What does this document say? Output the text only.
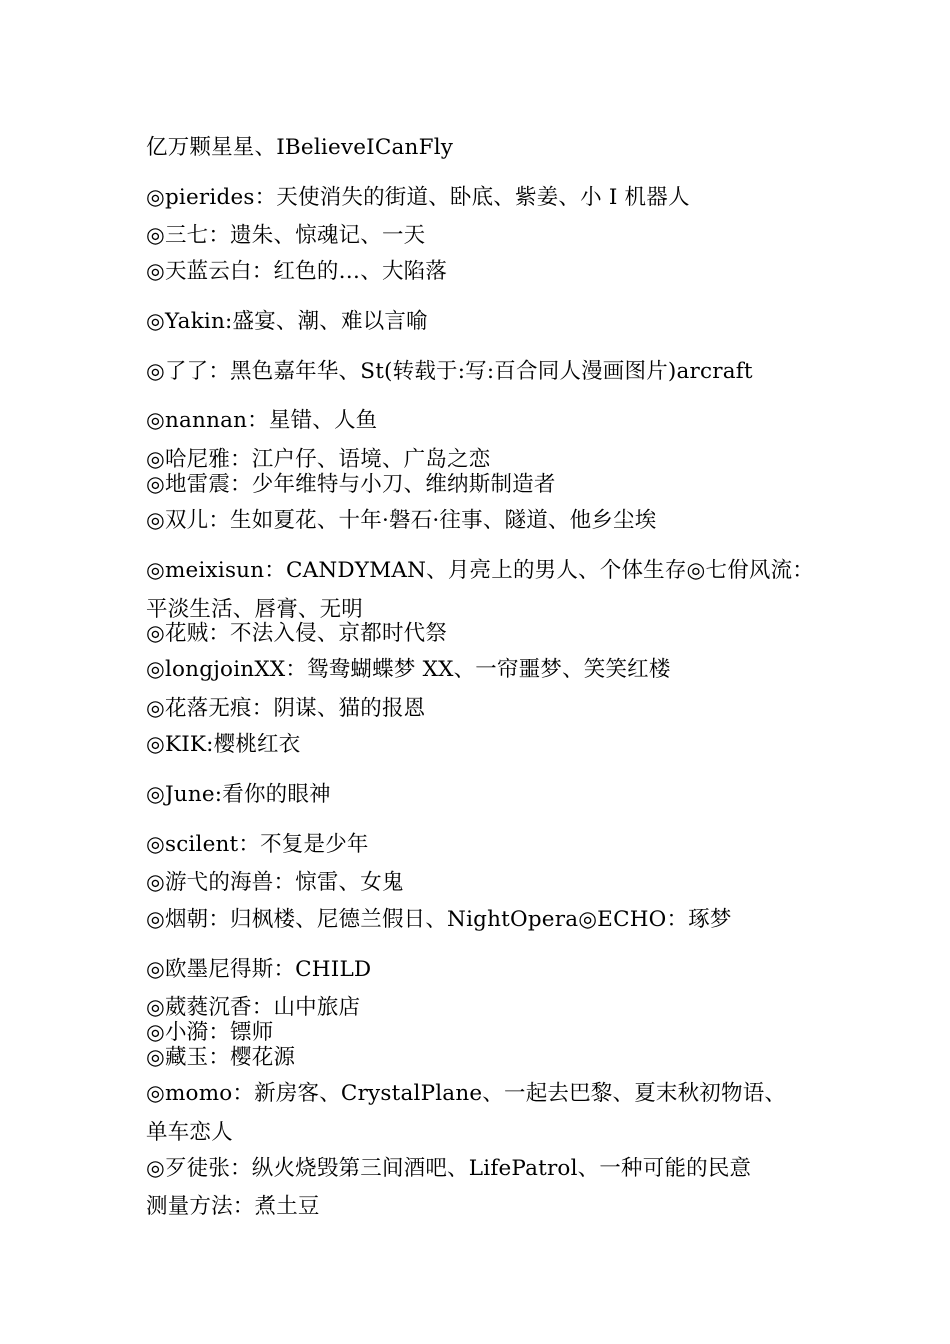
亿万颗星星、IBelieveICanFly
◎pierides：天使消失的街道、卧底、紫姜、小 I 机器人
◎三七：遗朱、惊魂记、一天
◎天蓝云白：红色的…、大陷落
◎Yakin:盛宴、潮、难以言喻
◎了了：黑色嘉年华、St(转载于:写:百合同人漫画图片)arcraft
◎nannan：星错、人鱼
◎哈尼雅：江户仔、语境、广岛之恋
◎地雷震：少年维特与小刀、维纳斯制造者
◎双儿：生如夏花、十年·磐石·往事、隧道、他乡尘埃
◎meixisun：CANDYMAN、月亮上的男人、个体生存◎七佾风流：
平淡生活、唇膏、无明
◎花贼：不法入侵、京都时代祭
◎longjoinXX：鸳鸯蝴蝶梦 XX、一帘噩梦、笑笑红楼
◎花落无痕：阴谋、猫的报恩
◎KIK:樱桃红衣
◎June:看你的眼神
◎scilent：不复是少年
◎游弋的海兽：惊雷、女鬼
◎烟朝：归枫楼、尼德兰假日、NightOpera◎ECHO：琢梦
◎欧墨尼得斯：CHILD
◎葳蕤沉香：山中旅店
◎小漪：镖师
◎藏玉：樱花源
◎momo：新房客、CrystalPlane、一起去巴黎、夏末秋初物语、
单车恋人
◎歹徒张：纵火烧毁第三间酒吧、LifePatrol、一种可能的民意
测量方法：煮土豆
